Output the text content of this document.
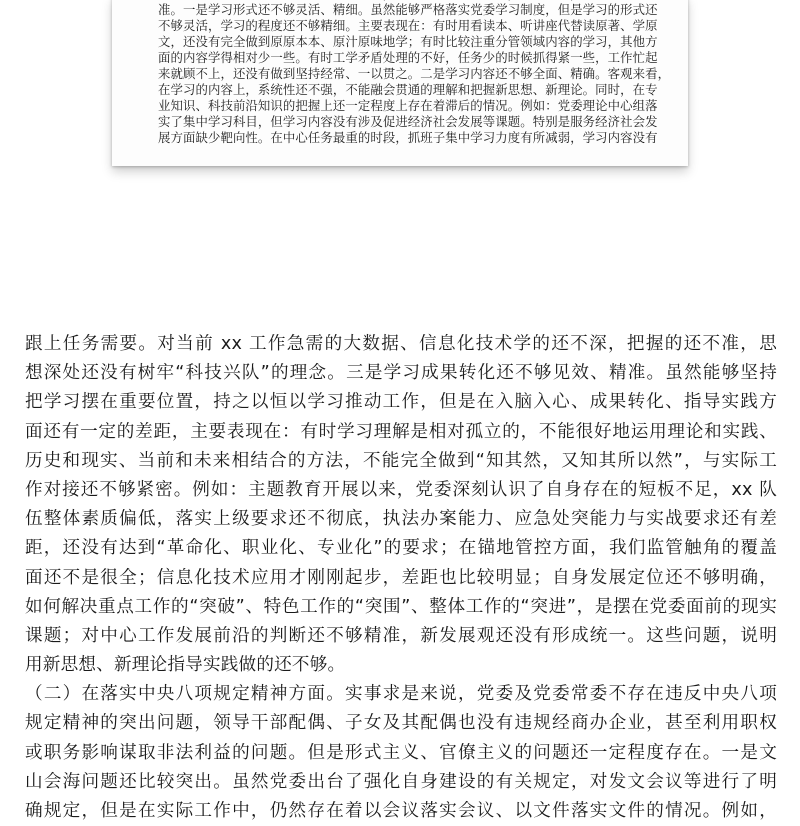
准。一是学习形式还不够灵活、精细。虽然能够严格落实党委学习制度，但是学习的形式还
不够灵活，学习的程度还不够精细。主要表现在：有时用看读本、听讲座代替读原著、学原
文，还没有完全做到原原本本、原汁原味地学；有时比较注重分管领域内容的学习，其他方
面的内容学得相对少一些。有时工学矛盾处理的不好，任务少的时候抓得紧一些，工作忙起
来就顾不上，还没有做到坚持经常、一以贯之。二是学习内容还不够全面、精确。客观来看，
在学习的内容上，系统性还不强，不能融会贯通的理解和把握新思想、新理论。同时，在专
业知识、科技前沿知识的把握上还一定程度上存在着滞后的情况。例如：党委理论中心组落
实了集中学习科目，但学习内容没有涉及促进经济社会发展等课题。特别是服务经济社会发
展方面缺少靶向性。在中心任务最重的时段，抓班子集中学习力度有所减弱，学习内容没有
跟上任务需要。对当前 xx 工作急需的大数据、信息化技术学的还不深，把握的还不准，思
想深处还没有树牢“科技兴队”的理念。三是学习成果转化还不够见效、精准。虽然能够坚持
把学习摆在重要位置，持之以恒以学习推动工作，但是在入脑入心、成果转化、指导实践方
面还有一定的差距，主要表现在：有时学习理解是相对孤立的，不能很好地运用理论和实践、
历史和现实、当前和未来相结合的方法，不能完全做到“知其然，又知其所以然”，与实际工
作对接还不够紧密。例如：主题教育开展以来，党委深刻认识了自身存在的短板不足，xx 队
伍整体素质偏低，落实上级要求还不彻底，执法办案能力、应急处突能力与实战要求还有差
距，还没有达到“革命化、职业化、专业化”的要求；在锚地管控方面，我们监管触角的覆盖
面还不是很全；信息化技术应用才刚刚起步，差距也比较明显；自身发展定位还不够明确，
如何解决重点工作的“突破”、特色工作的“突围”、整体工作的“突进”，是摆在党委面前的现实
课题；对中心工作发展前沿的判断还不够精准，新发展观还没有形成统一。这些问题，说明
用新思想、新理论指导实践做的还不够。
（二）在落实中央八项规定精神方面。实事求是来说，党委及党委常委不存在违反中央八项
规定精神的突出问题，领导干部配偶、子女及其配偶也没有违规经商办企业，甚至利用职权
或职务影响谋取非法利益的问题。但是形式主义、官僚主义的问题还一定程度存在。一是文
山会海问题还比较突出。虽然党委出台了强化自身建设的有关规定，对发文会议等进行了明
确规定，但是在实际工作中，仍然存在着以会议落实会议、以文件落实文件的情况。例如，
